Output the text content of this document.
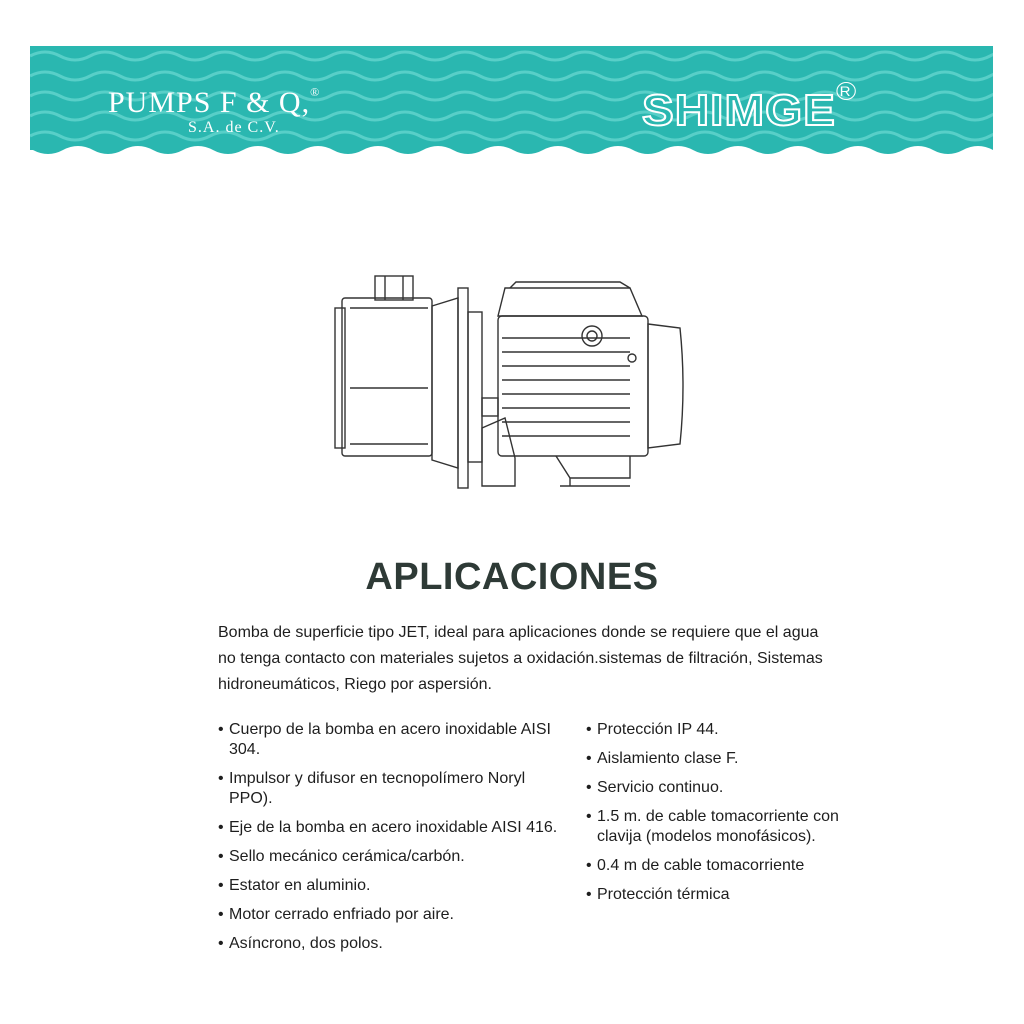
PUMPS F & Q,®
S.A. de C.V.	SHIMGE R
APLICACIONES

Bomba de superficie tipo JET, ideal para aplicaciones donde se requiere que el agua no tenga contacto con materiales sujetos a oxidación.sistemas de filtración, Sistemas hidroneumáticos, Riego por aspersión.

• Cuerpo de la bomba en acero inoxidable AISI 304.
• Impulsor y difusor en tecnopolímero Noryl PPO).
• Eje de la bomba en acero inoxidable AISI 416.
• Sello mecánico cerámica/carbón.
• Estator en aluminio.
• Motor cerrado enfriado por aire.
• Asíncrono, dos polos.
• Protección IP 44.
• Aislamiento clase F.
• Servicio continuo.
• 1.5 m. de cable tomacorriente con clavija (modelos monofásicos).
• 0.4 m de cable tomacorriente
• Protección térmica
